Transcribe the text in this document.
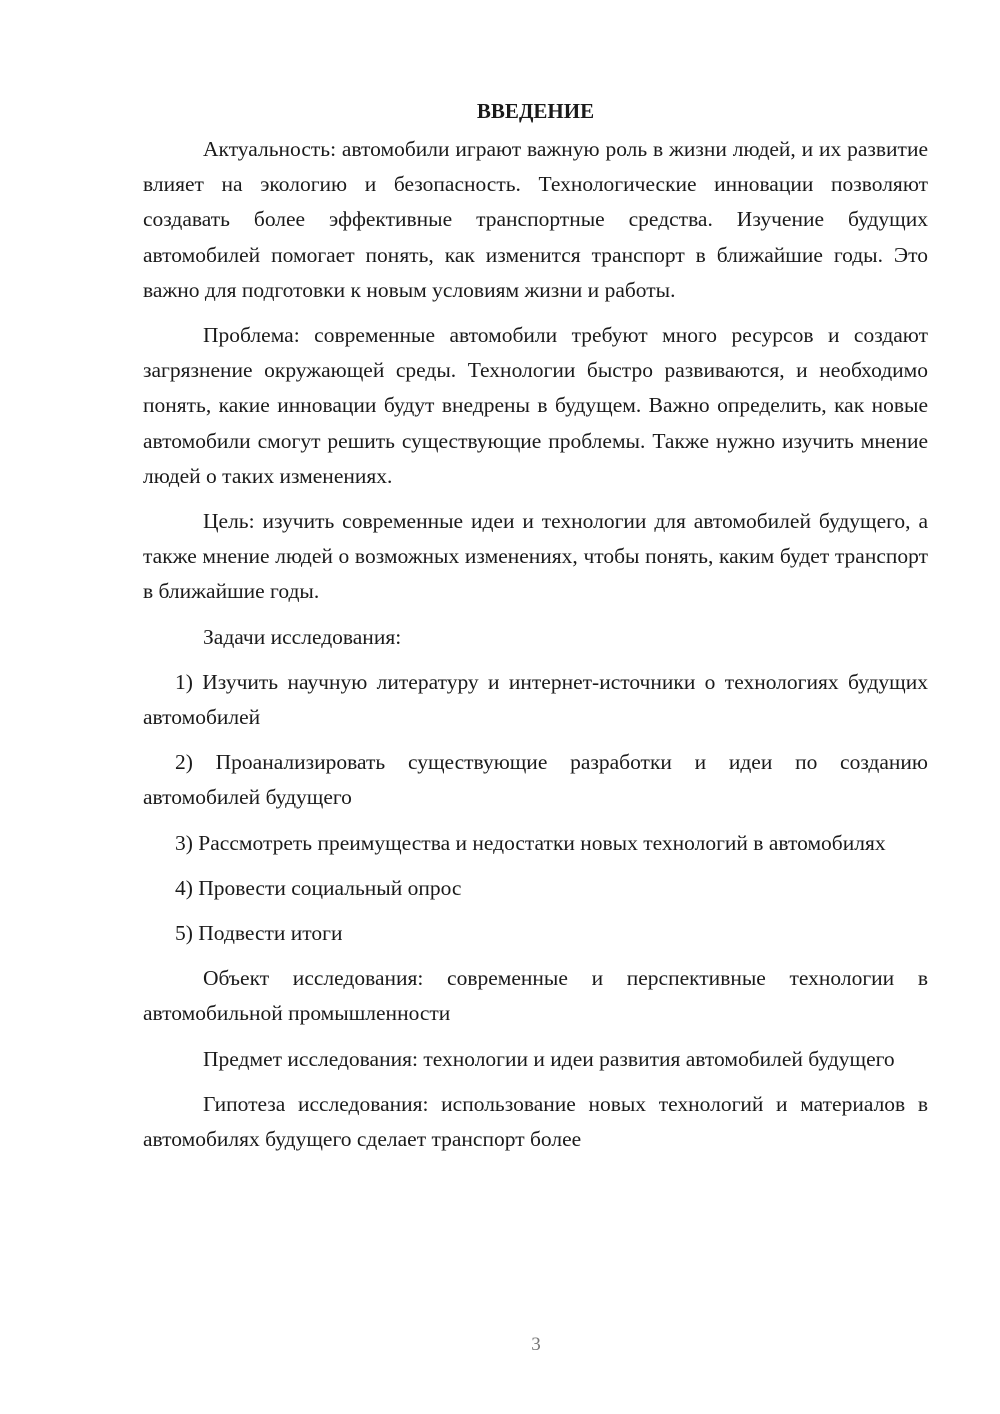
ВВЕДЕНИЕ

Актуальность: автомобили играют важную роль в жизни людей, и их развитие влияет на экологию и безопасность. Технологические инновации позволяют создавать более эффективные транспортные средства. Изучение будущих автомобилей помогает понять, как изменится транспорт в ближайшие годы. Это важно для подготовки к новым условиям жизни и работы.

Проблема: современные автомобили требуют много ресурсов и создают загрязнение окружающей среды. Технологии быстро развиваются, и необходимо понять, какие инновации будут внедрены в будущем. Важно определить, как новые автомобили смогут решить существующие проблемы. Также нужно изучить мнение людей о таких изменениях.

Цель: изучить современные идеи и технологии для автомобилей будущего, а также мнение людей о возможных изменениях, чтобы понять, каким будет транспорт в ближайшие годы.

Задачи исследования:

1) Изучить научную литературу и интернет-источники о технологиях будущих автомобилей

2) Проанализировать существующие разработки и идеи по созданию автомобилей будущего

3) Рассмотреть преимущества и недостатки новых технологий в автомобилях

4) Провести социальный опрос

5) Подвести итоги

Объект исследования: современные и перспективные технологии в автомобильной промышленности

Предмет исследования: технологии и идеи развития автомобилей будущего

Гипотеза исследования: использование новых технологий и материалов в автомобилях будущего сделает транспорт более

3
